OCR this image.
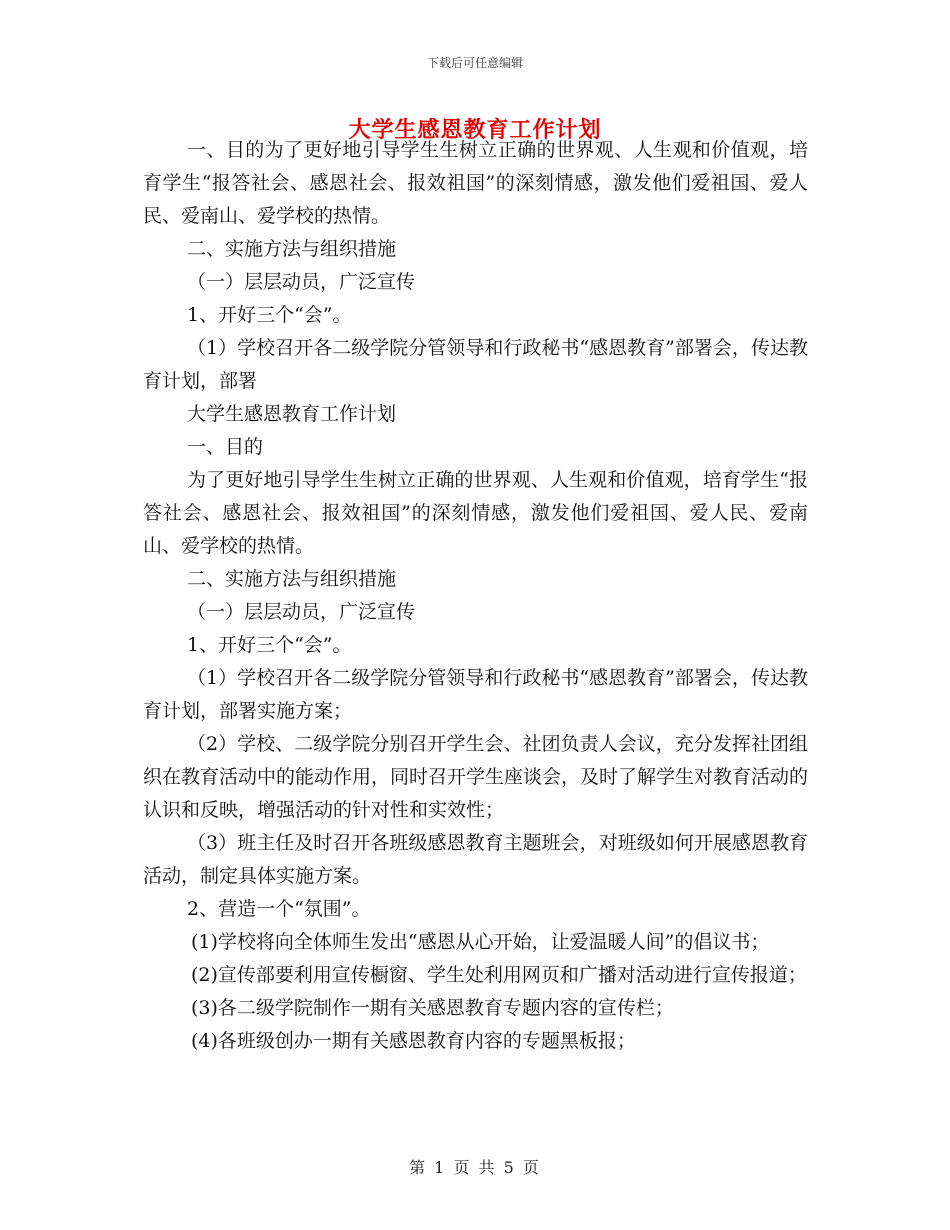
下载后可任意编辑
大学生感恩教育工作计划

一、目的为了更好地引导学生生树立正确的世界观、人生观和价值观，培育学生“报答社会、感恩社会、报效祖国”的深刻情感，激发他们爱祖国、爱人民、爱南山、爱学校的热情。

二、实施方法与组织措施

（一）层层动员，广泛宣传

1、开好三个“会”。

（1）学校召开各二级学院分管领导和行政秘书“感恩教育”部署会，传达教育计划，部署

大学生感恩教育工作计划

一、目的

为了更好地引导学生生树立正确的世界观、人生观和价值观，培育学生“报答社会、感恩社会、报效祖国”的深刻情感，激发他们爱祖国、爱人民、爱南山、爱学校的热情。

二、实施方法与组织措施

（一）层层动员，广泛宣传

1、开好三个“会”。

（1）学校召开各二级学院分管领导和行政秘书“感恩教育”部署会，传达教育计划，部署实施方案；

（2）学校、二级学院分别召开学生会、社团负责人会议，充分发挥社团组织在教育活动中的能动作用，同时召开学生座谈会，及时了解学生对教育活动的认识和反映，增强活动的针对性和实效性；

（3）班主任及时召开各班级感恩教育主题班会，对班级如何开展感恩教育活动，制定具体实施方案。

2、营造一个“氛围”。

(1)学校将向全体师生发出“感恩从心开始，让爱温暖人间”的倡议书；

(2)宣传部要利用宣传橱窗、学生处利用网页和广播对活动进行宣传报道；

(3)各二级学院制作一期有关感恩教育专题内容的宣传栏；

(4)各班级创办一期有关感恩教育内容的专题黑板报；

第 1 页 共 5 页
